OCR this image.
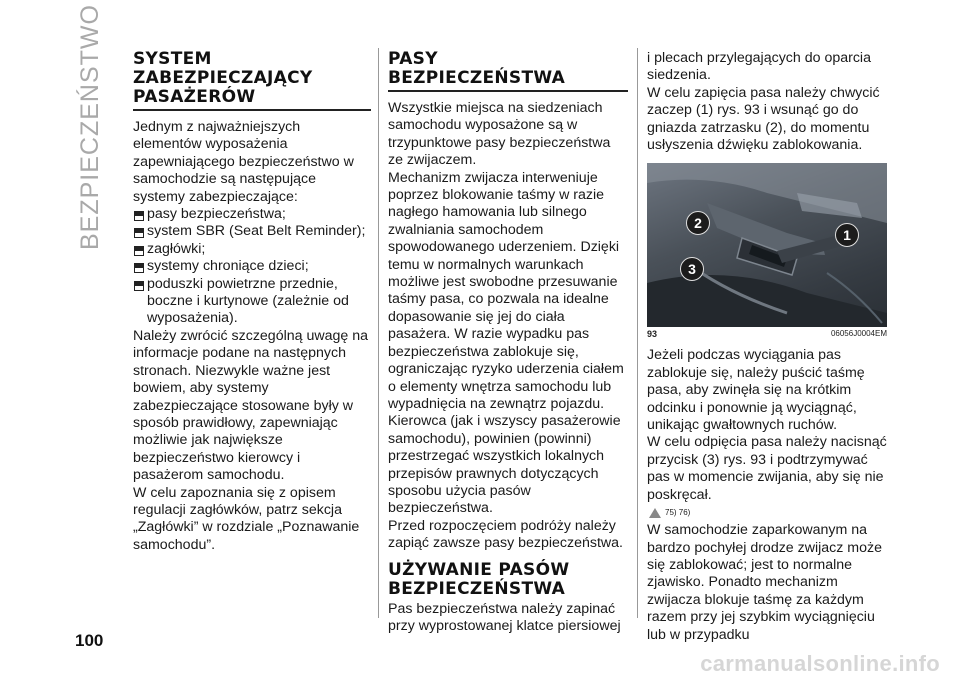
BEZPIECZEŃSTWO
100
SYSTEM
ZABEZPIECZAJĄCY
PASAŻERÓW

Jednym z najważniejszych elementów wyposażenia zapewniającego bezpieczeństwo w samochodzie są następujące systemy zabezpieczające:

pasy bezpieczeństwa;
system SBR (Seat Belt Reminder);
zagłówki;
systemy chroniące dzieci;
poduszki powietrzne przednie, boczne i kurtynowe (zależnie od wyposażenia).

Należy zwrócić szczególną uwagę na informacje podane na następnych stronach. Niezwykle ważne jest bowiem, aby systemy zabezpieczające stosowane były w sposób prawidłowy, zapewniając możliwie jak największe bezpieczeństwo kierowcy i pasażerom samochodu.

W celu zapoznania się z opisem regulacji zagłówków, patrz sekcja „Zagłówki” w rozdziale „Poznawanie samochodu”.

PASY
BEZPIECZEŃSTWA

Wszystkie miejsca na siedzeniach samochodu wyposażone są w trzypunktowe pasy bezpieczeństwa ze zwijaczem.

Mechanizm zwijacza interweniuje poprzez blokowanie taśmy w razie nagłego hamowania lub silnego zwalniania samochodem spowodowanego uderzeniem. Dzięki temu w normalnych warunkach możliwe jest swobodne przesuwanie taśmy pasa, co pozwala na idealne dopasowanie się jej do ciała pasażera. W razie wypadku pas bezpieczeństwa zablokuje się, ograniczając ryzyko uderzenia ciałem o elementy wnętrza samochodu lub wypadnięcia na zewnątrz pojazdu.

Kierowca (jak i wszyscy pasażerowie samochodu), powinien (powinni) przestrzegać wszystkich lokalnych przepisów prawnych dotyczących sposobu użycia pasów bezpieczeństwa.

Przed rozpoczęciem podróży należy zapiąć zawsze pasy bezpieczeństwa.

UŻYWANIE PASÓW
BEZPIECZEŃSTWA

Pas bezpieczeństwa należy zapinać przy wyprostowanej klatce piersiowej

i plecach przylegających do oparcia siedzenia.

W celu zapięcia pasa należy chwycić zaczep (1) rys. 93 i wsunąć go do gniazda zatrzasku (2), do momentu usłyszenia dźwięku zablokowania.

2
1
3
93	06056J0004EM

Jeżeli podczas wyciągania pas zablokuje się, należy puścić taśmę pasa, aby zwinęła się na krótkim odcinku i ponownie ją wyciągnąć, unikając gwałtownych ruchów.

W celu odpięcia pasa należy nacisnąć przycisk (3) rys. 93 i podtrzymywać pas w momencie zwijania, aby się nie poskręcał.

75) 76)

W samochodzie zaparkowanym na bardzo pochyłej drodze zwijacz może się zablokować; jest to normalne zjawisko. Ponadto mechanizm zwijacza blokuje taśmę za każdym razem przy jej szybkim wyciągnięciu lub w przypadku

carmanualsonline.info
